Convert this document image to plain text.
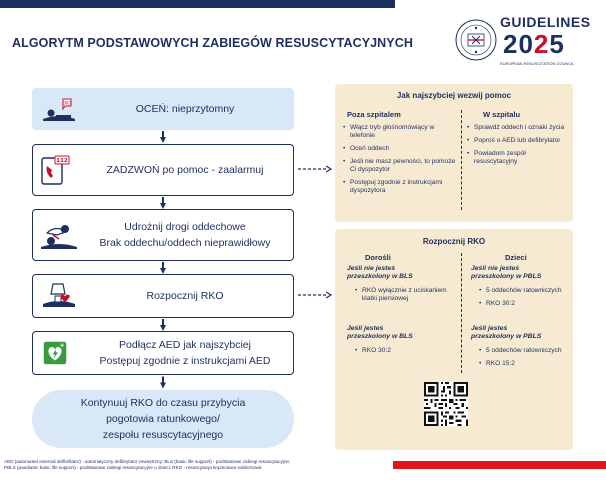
ALGORYTM PODSTAWOWYCH ZABIEGÓW RESUSCYTACYJNYCH
GUIDELINES
2025
EUROPEAN RESUSCITATION COUNCIL
OK?	OCEŃ: nieprzytomny
112
ZADZWOŃ po pomoc - zaalarmuj
Udrożnij drogi oddechowe
Brak oddechu/oddech nieprawidłowy
Rozpocznij RKO
Podłącz AED jak najszybciej
Postępuj zgodnie z instrukcjami AED
Kontynuuj RKO do czasu przybycia
pogotowia ratunkowego/
zespołu resuscytacyjnego
Jak najszybciej wezwij pomoc
Poza szpitalem
• Włącz tryb głośnomówiący w telefonie
• Oceń oddech
• Jeśli nie masz pewności, to pomoże Ci dyspozytor
• Postępuj zgodnie z instrukcjami dyspozytora
W szpitalu
• Sprawdź oddech i oznaki życia
• Poproś o AED lub defibrylator
• Powiadom zespół resuscytacyjny
Rozpocznij RKO
Dorośli
Jeśli nie jesteś
przeszkolony w BLS
• RKO wyłącznie z uciskaniem klatki piersiowej
Jeśli jesteś
przeszkolony w BLS
• RKO 30:2
Dzieci
Jeśli nie jesteś
przeszkolony w PBLS
• 5 oddechów ratowniczych
• RKO 30:2
Jeśli jesteś
przeszkolony w PBLS
• 5 oddechów ratowniczych
• RKO 15:2
AED (automated external defibrillator) - automatyczny defibrylator zewnętrzny; BLS (basic life support) - podstawowe zabiegi resuscytacyjne;
PBLS (paediatric basic life support) - podstawowe zabiegi resuscytacyjne u dzieci; RKO - resuscytacja krążeniowo-oddechowa
